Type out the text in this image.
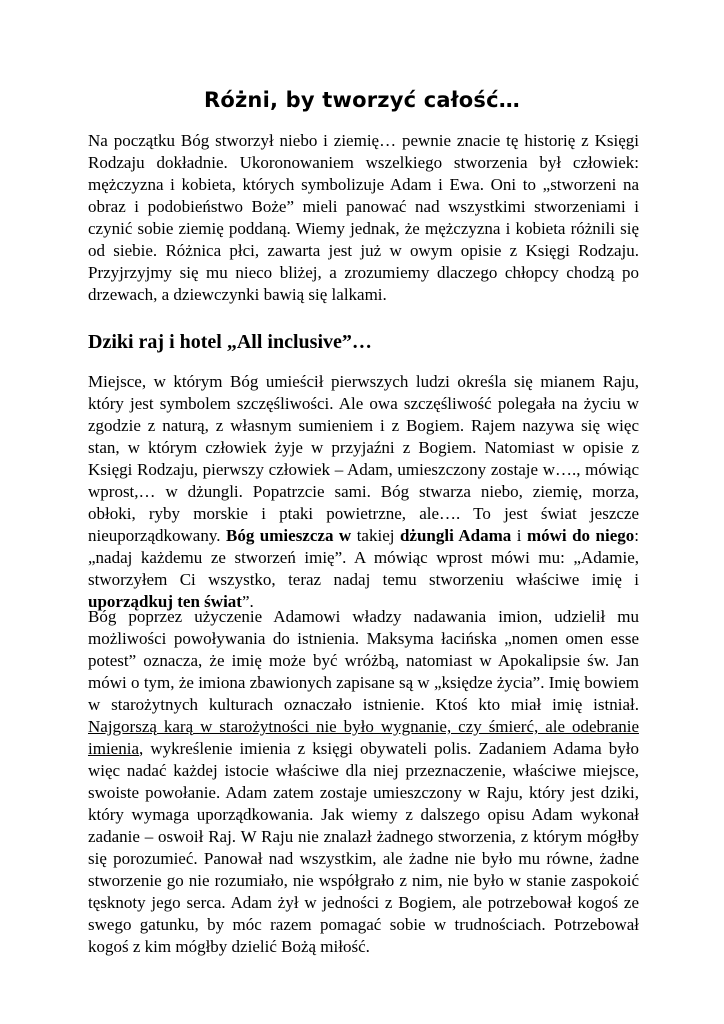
Różni, by tworzyć całość…
Na początku Bóg stworzył niebo i ziemię… pewnie znacie tę historię z Księgi
Rodzaju dokładnie. Ukoronowaniem wszelkiego stworzenia był człowiek:
mężczyzna i kobieta, których symbolizuje Adam i Ewa. Oni to „stworzeni na
obraz i podobieństwo Boże” mieli panować nad wszystkimi stworzeniami i
czynić sobie ziemię poddaną. Wiemy jednak, że mężczyzna i kobieta różnili się
od siebie. Różnica płci, zawarta jest już w owym opisie z Księgi Rodzaju.
Przyjrzyjmy się mu nieco bliżej, a zrozumiemy dlaczego chłopcy chodzą po
drzewach, a dziewczynki bawią się lalkami.
Dziki raj i hotel „All inclusive”…
Miejsce, w którym Bóg umieścił pierwszych ludzi określa się mianem Raju,
który jest symbolem szczęśliwości. Ale owa szczęśliwość polegała na życiu w
zgodzie z naturą, z własnym sumieniem i z Bogiem. Rajem nazywa się więc
stan, w którym człowiek żyje w przyjaźni z Bogiem. Natomiast w opisie z
Księgi Rodzaju, pierwszy człowiek – Adam, umieszczony zostaje w…., mówiąc
wprost,… w dżungli. Popatrzcie sami. Bóg stwarza niebo, ziemię, morza,
obłoki, ryby morskie i ptaki powietrzne, ale…. To jest świat jeszcze
nieuporządkowany. Bóg umieszcza w takiej dżungli Adama i mówi do niego:
„nadaj każdemu ze stworzeń imię”. A mówiąc wprost mówi mu: „Adamie,
stworzyłem Ci wszystko, teraz nadaj temu stworzeniu właściwe imię i
uporządkuj ten świat”.
Bóg poprzez użyczenie Adamowi władzy nadawania imion, udzielił mu
możliwości powoływania do istnienia. Maksyma łacińska „nomen omen esse
potest” oznacza, że imię może być wróżbą, natomiast w Apokalipsie św. Jan
mówi o tym, że imiona zbawionych zapisane są w „księdze życia”. Imię bowiem
w starożytnych kulturach oznaczało istnienie. Ktoś kto miał imię istniał.
Najgorszą karą w starożytności nie było wygnanie, czy śmierć, ale odebranie
imienia, wykreślenie imienia z księgi obywateli polis. Zadaniem Adama było
więc nadać każdej istocie właściwe dla niej przeznaczenie, właściwe miejsce,
swoiste powołanie. Adam zatem zostaje umieszczony w Raju, który jest dziki,
który wymaga uporządkowania. Jak wiemy z dalszego opisu Adam wykonał
zadanie – oswoił Raj. W Raju nie znalazł żadnego stworzenia, z którym mógłby
się porozumieć. Panował nad wszystkim, ale żadne nie było mu równe, żadne
stworzenie go nie rozumiało, nie współgrało z nim, nie było w stanie zaspokoić
tęsknoty jego serca. Adam żył w jedności z Bogiem, ale potrzebował kogoś ze
swego gatunku, by móc razem pomagać sobie w trudnościach. Potrzebował
kogoś z kim mógłby dzielić Bożą miłość.
